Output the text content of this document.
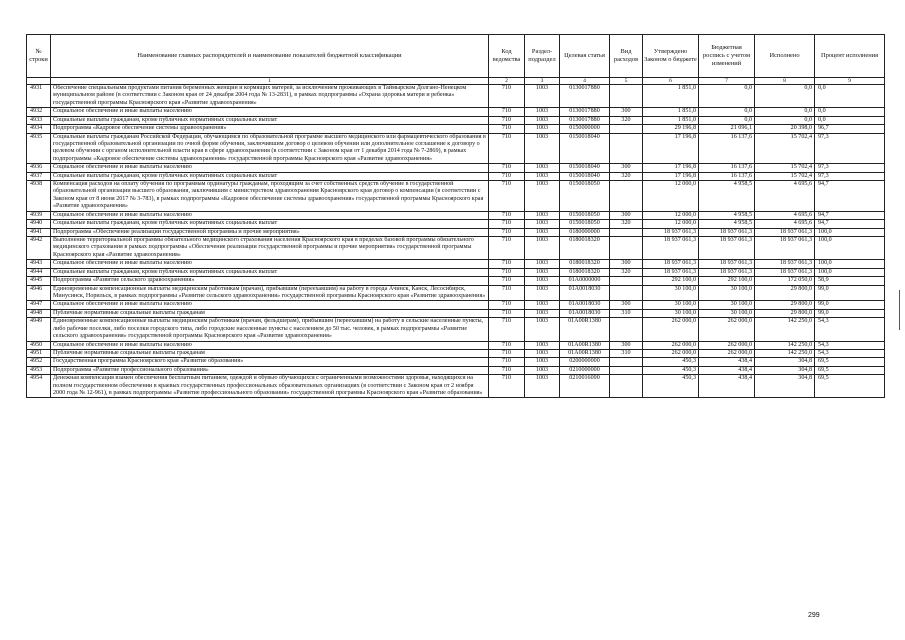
№ строки	Наименование главных распорядителей и наименование показателей бюджетной классификации	Код ведомства	Раздел-подраздел	Целевая статья	Вид расходов	Утверждено Законом о бюджете	Бюджетная роспись с учетом изменений	Исполнено	Процент исполнения
	1	2	3	4	5	6	7	8	9
4931	Обеспечение специальными продуктами питания беременных женщин и кормящих матерей, за исключением проживающих в Таймырском Долгано-Ненецком муниципальном районе (в соответствии с Законом края от 24 декабря 2004 года № 13-2831), в рамках подпрограммы «Охрана здоровья матери и ребенка» государственной программы Красноярского края «Развитие здравоохранения»	710	1003	0130017880		1 851,0	0,0	0,0	0,0
4932	Социальное обеспечение и иные выплаты населению	710	1003	0130017880	300	1 851,0	0,0	0,0	0,0
4933	Социальные выплаты гражданам, кроме публичных нормативных социальных выплат	710	1003	0130017880	320	1 851,0	0,0	0,0	0,0
4934	Подпрограмма «Кадровое обеспечение системы здравоохранения»	710	1003	0150000000		29 196,8	21 096,1	20 398,0	96,7
4935	Социальные выплаты гражданам Российской Федерации, обучающимся по образовательной программе высшего медицинского или фармацевтического образования в государственной образовательной организации по очной форме обучения, заключившим договор о целевом обучении или дополнительное соглашение к договору о целевом обучении с органом исполнительной власти края в сфере здравоохранения (в соответствии с Законом края от 1 декабря 2014 года № 7-2869), в рамках подпрограммы «Кадровое обеспечение системы здравоохранения» государственной программы Красноярского края «Развитие здравоохранения»	710	1003	0150018040		17 196,8	16 137,6	15 702,4	97,3
4936	Социальное обеспечение и иные выплаты населению	710	1003	0150018040	300	17 196,8	16 137,6	15 702,4	97,3
4937	Социальные выплаты гражданам, кроме публичных нормативных социальных выплат	710	1003	0150018040	320	17 196,8	16 137,6	15 702,4	97,3
4938	Компенсация расходов на оплату обучения по программам ординатуры гражданам, проходящим за счет собственных средств обучение в государственной образовательной организации высшего образования, заключившим с министерством здравоохранения Красноярского края договор о компенсации (в соответствии с Законом края от 8 июня 2017 № 3-783), в рамках подпрограммы «Кадровое обеспечение системы здравоохранения» государственной программы Красноярского края «Развитие здравоохранения»	710	1003	0150018050		12 000,0	4 958,5	4 695,6	94,7
4939	Социальное обеспечение и иные выплаты населению	710	1003	0150018050	300	12 000,0	4 958,5	4 695,6	94,7
4940	Социальные выплаты гражданам, кроме публичных нормативных социальных выплат	710	1003	0150018050	320	12 000,0	4 958,5	4 695,6	94,7
4941	Подпрограмма «Обеспечение реализации государственной программы и прочие мероприятия»	710	1003	0180000000		18 937 061,3	18 937 061,3	18 937 061,3	100,0
4942	Выполнение территориальной программы обязательного медицинского страхования населения Красноярского края в пределах базовой программы обязательного медицинского страхования в рамках подпрограммы «Обеспечение реализации государственной программы и прочие мероприятия» государственной программы Красноярского края «Развитие здравоохранения»	710	1003	0180018320		18 937 061,3	18 937 061,3	18 937 061,3	100,0
4943	Социальное обеспечение и иные выплаты населению	710	1003	0180018320	300	18 937 061,3	18 937 061,3	18 937 061,3	100,0
4944	Социальные выплаты гражданам, кроме публичных нормативных социальных выплат	710	1003	0180018320	320	18 937 061,3	18 937 061,3	18 937 061,3	100,0
4945	Подпрограмма «Развитие сельского здравоохранения»	710	1003	01A0000000		292 100,0	292 100,0	172 050,0	58,9
4946	Единовременные компенсационные выплаты медицинским работникам (врачам), прибывшим (переехавшим) на работу в города Ачинск, Канск, Лесосибирск, Минусинск, Норильск, в рамках подпрограммы «Развитие сельского здравоохранения» государственной программы Красноярского края «Развитие здравоохранения»	710	1003	01A0018030		30 100,0	30 100,0	29 800,0	99,0
4947	Социальное обеспечение и иные выплаты населению	710	1003	01A0018030	300	30 100,0	30 100,0	29 800,0	99,0
4948	Публичные нормативные социальные выплаты гражданам	710	1003	01A0018030	310	30 100,0	30 100,0	29 800,0	99,0
4949	Единовременные компенсационные выплаты медицинским работникам (врачам, фельдшерам), прибывшим (переехавшим) на работу в сельские населенные пункты, либо рабочие поселки, либо поселки городского типа, либо городские населенные пункты с населением до 50 тыс. человек, в рамках подпрограммы «Развитие сельского здравоохранения» государственной программы Красноярского края «Развитие здравоохранения»	710	1003	01A00R1380		262 000,0	262 000,0	142 250,0	54,3
4950	Социальное обеспечение и иные выплаты населению	710	1003	01A00R1380	300	262 000,0	262 000,0	142 250,0	54,3
4951	Публичные нормативные социальные выплаты гражданам	710	1003	01A00R1380	310	262 000,0	262 000,0	142 250,0	54,3
4952	Государственная программа Красноярского края «Развитие образования»	710	1003	0200000000		450,3	438,4	304,8	69,5
4953	Подпрограмма «Развитие профессионального образования»	710	1003	0210000000		450,3	438,4	304,8	69,5
4954	Денежная компенсация взамен обеспечения бесплатным питанием, одеждой и обувью обучающихся с ограниченными возможностями здоровья, находящихся на полном государственном обеспечении в краевых государственных профессиональных образовательных организациях (в соответствии с Законом края от 2 ноября 2000 года № 12-961), в рамках подпрограммы «Развитие профессионального образования» государственной программы Красноярского края «Развитие образования»	710	1003	0210016090		450,3	438,4	304,8	69,5
299
